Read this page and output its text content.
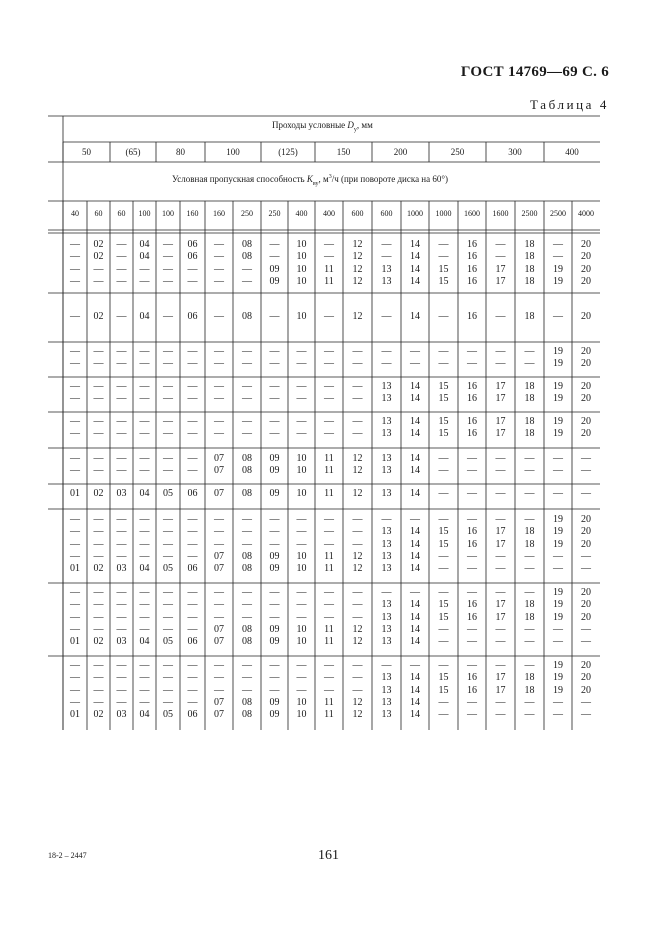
ГОСТ 14769—69 С. 6
Таблица 4
Проходы условные $D_у$, мм
50	(65)	80	100	(125)	150	200	250	300	400
Условная пропускная способность $K_{ву}$, $м^3/ч$ (при повороте диска на 60°)
40	60	60	100	100	160	160	250	250	400	400	600	600	1000	1000	1600	1600	2500	2500	4000
—	02	—	04	—	06	—	08	—	10	—	12	—	14	—	16	—	18	—	20
—	02	—	04	—	06	—	08	—	10	—	12	—	14	—	16	—	18	—	20
—	—	—	—	—	—	—	—	09	10	11	12	13	14	15	16	17	18	19	20
—	—	—	—	—	—	—	—	09	10	11	12	13	14	15	16	17	18	19	20
—	02	—	04	—	06	—	08	—	10	—	12	—	14	—	16	—	18	—	20
—	—	—	—	—	—	—	—	—	—	—	—	—	—	—	—	—	—	19	20
—	—	—	—	—	—	—	—	—	—	—	—	—	—	—	—	—	—	19	20
—	—	—	—	—	—	—	—	—	—	—	—	13	14	15	16	17	18	19	20
—	—	—	—	—	—	—	—	—	—	—	—	13	14	15	16	17	18	19	20
—	—	—	—	—	—	—	—	—	—	—	—	13	14	15	16	17	18	19	20
—	—	—	—	—	—	—	—	—	—	—	—	13	14	15	16	17	18	19	20
—	—	—	—	—	—	07	08	09	10	11	12	13	14	—	—	—	—	—	—
—	—	—	—	—	—	07	08	09	10	11	12	13	14	—	—	—	—	—	—
01	02	03	04	05	06	07	08	09	10	11	12	13	14	—	—	—	—	—	—
—	—	—	—	—	—	—	—	—	—	—	—	—	—	—	—	—	—	19	20
—	—	—	—	—	—	—	—	—	—	—	—	13	14	15	16	17	18	19	20
—	—	—	—	—	—	—	—	—	—	—	—	13	14	15	16	17	18	19	20
—	—	—	—	—	—	07	08	09	10	11	12	13	14	—	—	—	—	—	—
01	02	03	04	05	06	07	08	09	10	11	12	13	14	—	—	—	—	—	—
—	—	—	—	—	—	—	—	—	—	—	—	—	—	—	—	—	—	19	20
—	—	—	—	—	—	—	—	—	—	—	—	13	14	15	16	17	18	19	20
—	—	—	—	—	—	—	—	—	—	—	—	13	14	15	16	17	18	19	20
—	—	—	—	—	—	07	08	09	10	11	12	13	14	—	—	—	—	—	—
01	02	03	04	05	06	07	08	09	10	11	12	13	14	—	—	—	—	—	—
—	—	—	—	—	—	—	—	—	—	—	—	—	—	—	—	—	—	19	20
—	—	—	—	—	—	—	—	—	—	—	—	13	14	15	16	17	18	19	20
—	—	—	—	—	—	—	—	—	—	—	—	13	14	15	16	17	18	19	20
—	—	—	—	—	—	07	08	09	10	11	12	13	14	—	—	—	—	—	—
01	02	03	04	05	06	07	08	09	10	11	12	13	14	—	—	—	—	—	—
18-2 – 2447	161
